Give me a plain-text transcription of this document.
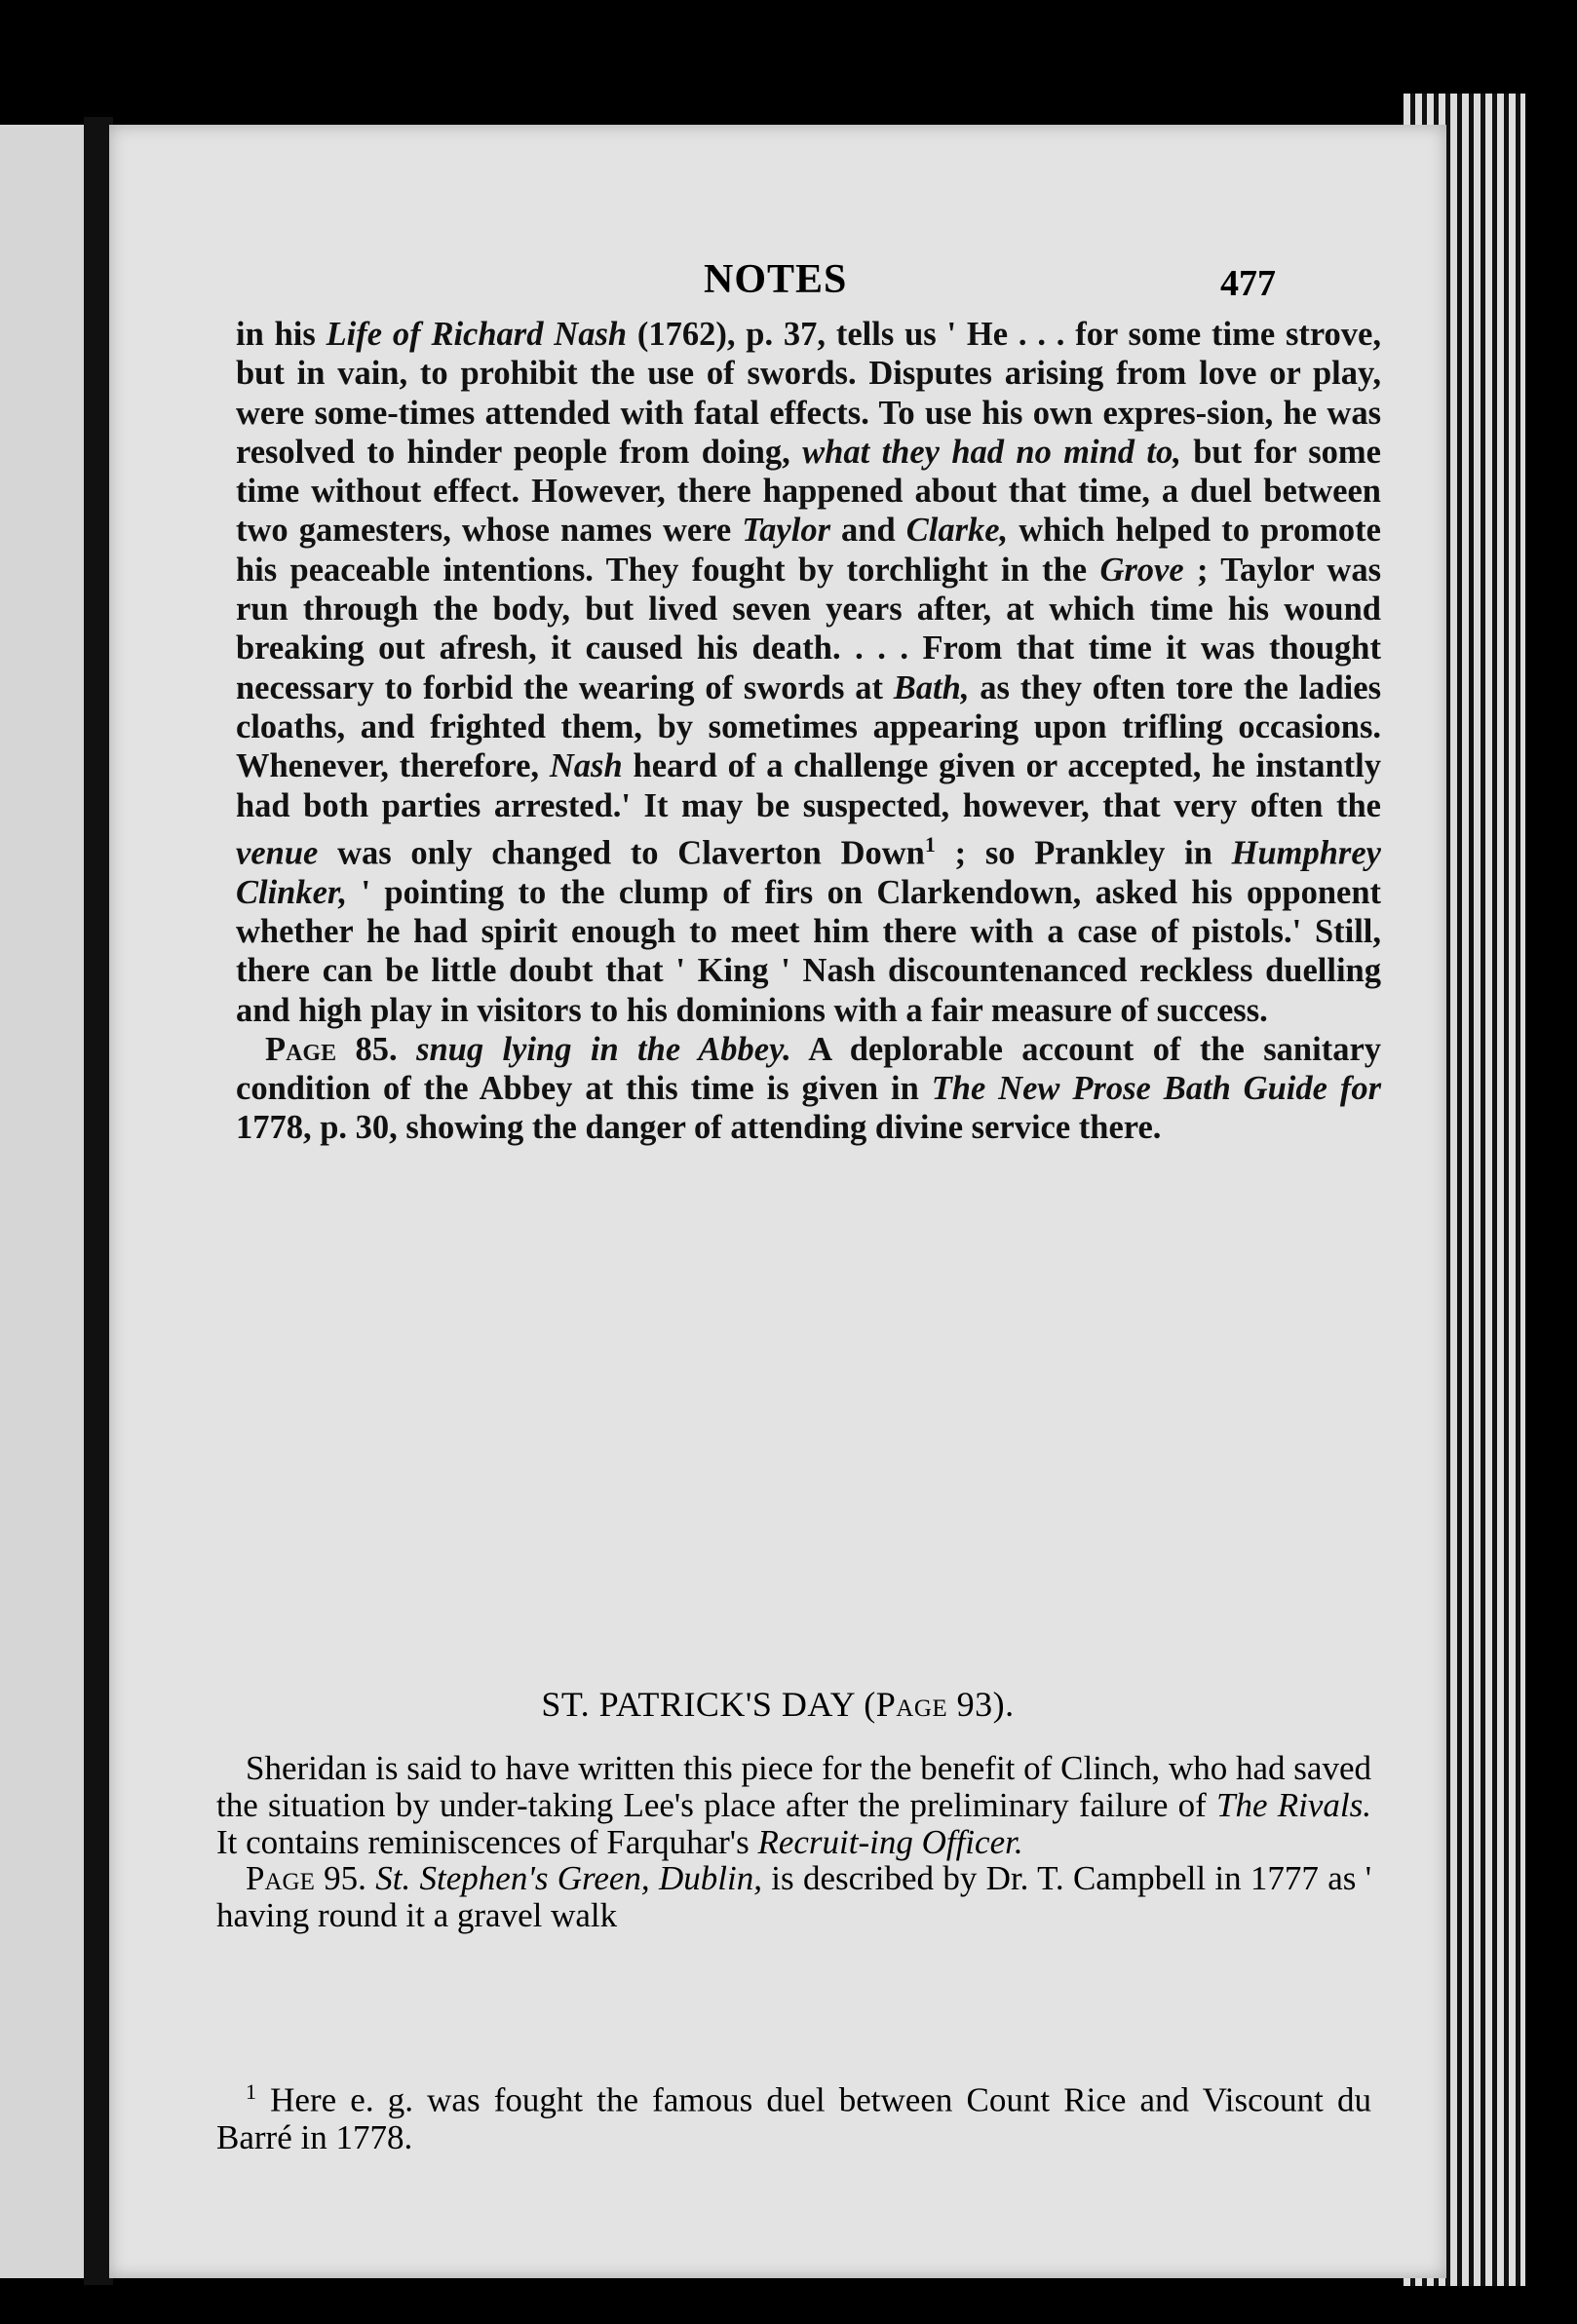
NOTES	477

in his Life of Richard Nash (1762), p. 37, tells us ' He . . . for some time strove, but in vain, to prohibit the use of swords. Disputes arising from love or play, were some-times attended with fatal effects. To use his own expres-sion, he was resolved to hinder people from doing, what they had no mind to, but for some time without effect. However, there happened about that time, a duel between two gamesters, whose names were Taylor and Clarke, which helped to promote his peaceable intentions. They fought by torchlight in the Grove ; Taylor was run through the body, but lived seven years after, at which time his wound breaking out afresh, it caused his death. . . . From that time it was thought necessary to forbid the wearing of swords at Bath, as they often tore the ladies cloaths, and frighted them, by sometimes appearing upon trifling occasions. Whenever, therefore, Nash heard of a challenge given or accepted, he instantly had both parties arrested.' It may be suspected, however, that very often the venue was only changed to Claverton Down$^1$ ; so Prankley in Humphrey Clinker, ' pointing to the clump of firs on Clarkendown, asked his opponent whether he had spirit enough to meet him there with a case of pistols.' Still, there can be little doubt that ' King ' Nash discountenanced reckless duelling and high play in visitors to his dominions with a fair measure of success.

Page 85. snug lying in the Abbey. A deplorable account of the sanitary condition of the Abbey at this time is given in The New Prose Bath Guide for 1778, p. 30, showing the danger of attending divine service there.

ST. PATRICK'S DAY (Page 93).

Sheridan is said to have written this piece for the benefit of Clinch, who had saved the situation by under-taking Lee's place after the preliminary failure of The Rivals. It contains reminiscences of Farquhar's Recruit-ing Officer.

Page 95. St. Stephen's Green, Dublin, is described by Dr. T. Campbell in 1777 as ' having round it a gravel walk

$^1$ Here e. g. was fought the famous duel between Count Rice and Viscount du Barré in 1778.
